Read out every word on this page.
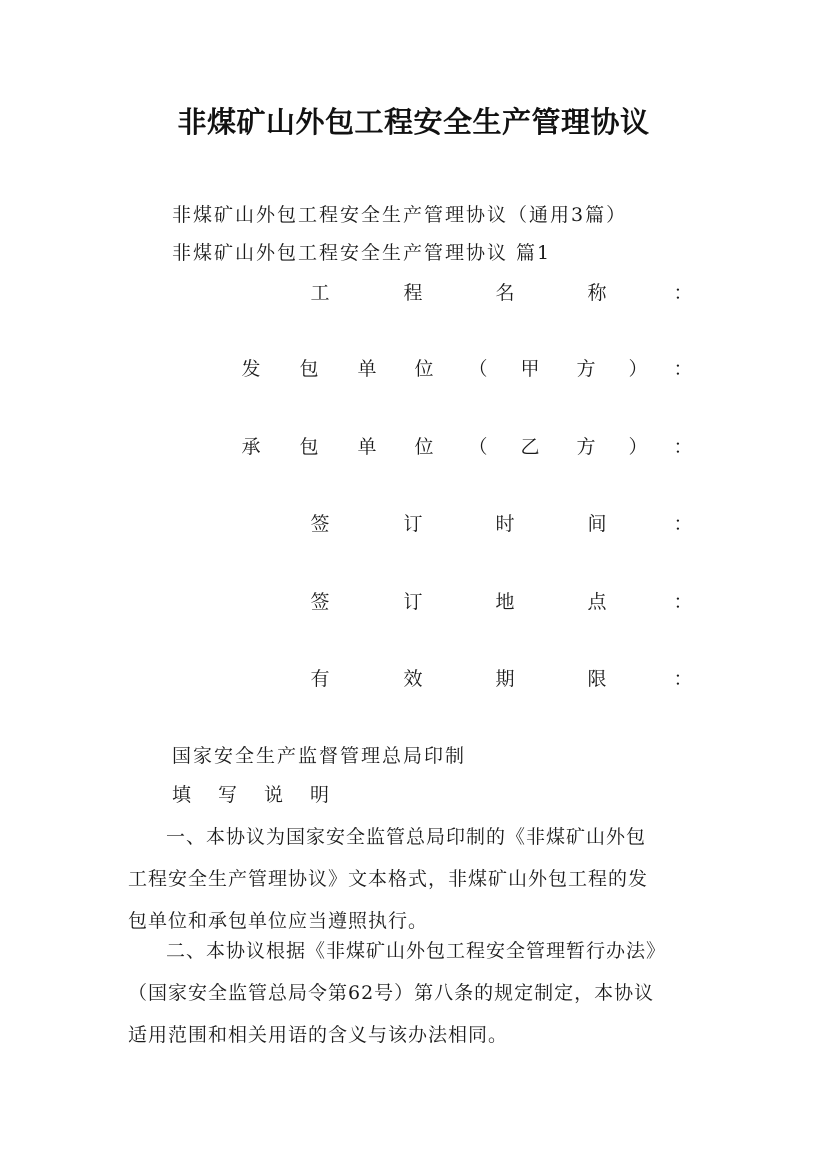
非煤矿山外包工程安全生产管理协议
非煤矿山外包工程安全生产管理协议（通用3篇）
非煤矿山外包工程安全生产管理协议 篇1
工	程	名	称	：
发 包 单 位 （ 甲 方 ） ：
承 包 单 位 （ 乙 方 ） ：
签	订	时	间	：
签	订	地	点	：
有	效	期	限	：
国家安全生产监督管理总局印制
填　写　说　明
一、本协议为国家安全监管总局印制的《非煤矿山外包
工程安全生产管理协议》文本格式，非煤矿山外包工程的发
包单位和承包单位应当遵照执行。
二、本协议根据《非煤矿山外包工程安全管理暂行办法》
（国家安全监管总局令第62号）第八条的规定制定，本协议
适用范围和相关用语的含义与该办法相同。
